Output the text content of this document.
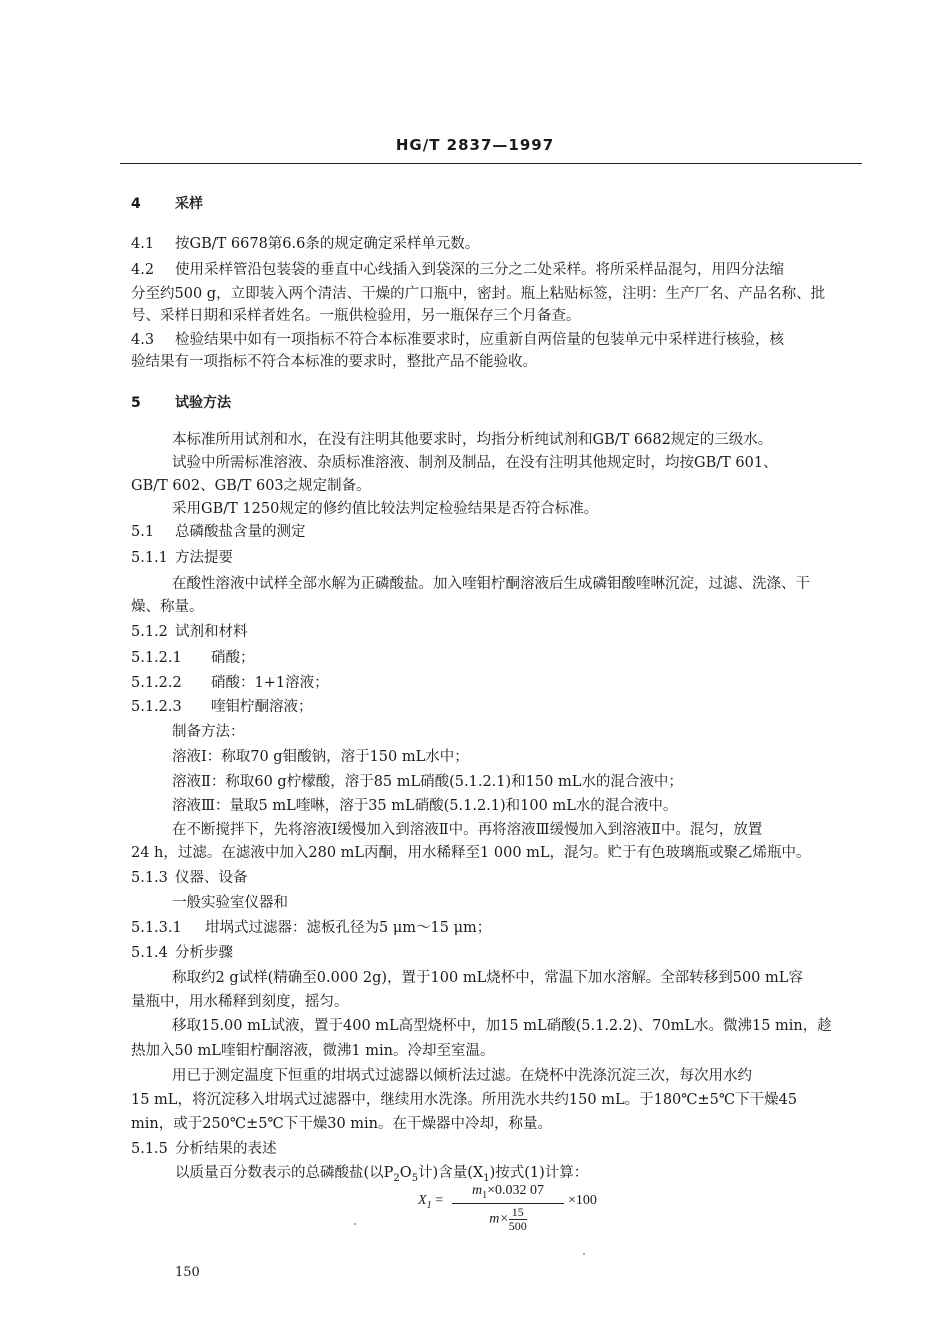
HG/T 2837—1997
4 采样
4.1 按GB/T 6678第6.6条的规定确定采样单元数。
4.2 使用采样管沿包装袋的垂直中心线插入到袋深的三分之二处采样。将所采样品混匀，用四分法缩
分至约500 g，立即装入两个清洁、干燥的广口瓶中，密封。瓶上粘贴标签，注明：生产厂名、产品名称、批
号、采样日期和采样者姓名。一瓶供检验用，另一瓶保存三个月备查。
4.3 检验结果中如有一项指标不符合本标准要求时，应重新自两倍量的包装单元中采样进行核验，核
验结果有一项指标不符合本标准的要求时，整批产品不能验收。
5 试验方法
本标准所用试剂和水，在没有注明其他要求时，均指分析纯试剂和GB/T 6682规定的三级水。
试验中所需标准溶液、杂质标准溶液、制剂及制品，在没有注明其他规定时，均按GB/T 601、
GB/T 602、GB/T 603之规定制备。
采用GB/T 1250规定的修约值比较法判定检验结果是否符合标准。
5.1 总磷酸盐含量的测定
5.1.1 方法提要
在酸性溶液中试样全部水解为正磷酸盐。加入喹钼柠酮溶液后生成磷钼酸喹啉沉淀，过滤、洗涤、干
燥、称量。
5.1.2 试剂和材料
5.1.2.1 硝酸；
5.1.2.2 硝酸：1+1溶液；
5.1.2.3 喹钼柠酮溶液；
制备方法：
溶液Ⅰ：称取70 g钼酸钠，溶于150 mL水中；
溶液Ⅱ：称取60 g柠檬酸，溶于85 mL硝酸(5.1.2.1)和150 mL水的混合液中；
溶液Ⅲ：量取5 mL喹啉，溶于35 mL硝酸(5.1.2.1)和100 mL水的混合液中。
在不断搅拌下，先将溶液Ⅰ缓慢加入到溶液Ⅱ中。再将溶液Ⅲ缓慢加入到溶液Ⅱ中。混匀，放置
24 h，过滤。在滤液中加入280 mL丙酮，用水稀释至1 000 mL，混匀。贮于有色玻璃瓶或聚乙烯瓶中。
5.1.3 仪器、设备
一般实验室仪器和
5.1.3.1 坩埚式过滤器：滤板孔径为5 μm～15 μm；
5.1.4 分析步骤
称取约2 g试样(精确至0.000 2g)，置于100 mL烧杯中，常温下加水溶解。全部转移到500 mL容
量瓶中，用水稀释到刻度，摇匀。
移取15.00 mL试液，置于400 mL高型烧杯中，加15 mL硝酸(5.1.2.2)、70mL水。微沸15 min，趁
热加入50 mL喹钼柠酮溶液，微沸1 min。冷却至室温。
用已于测定温度下恒重的坩埚式过滤器以倾析法过滤。在烧杯中洗涤沉淀三次，每次用水约
15 mL，将沉淀移入坩埚式过滤器中，继续用水洗涤。所用洗水共约150 mL。于180℃±5℃下干燥45
min，或于250℃±5℃下干燥30 min。在干燥器中冷却，称量。
5.1.5 分析结果的表述
以质量百分数表示的总磷酸盐(以$P_2O_5$计)含量$(X_1)$按式(1)计算：
$X_1 = \frac{m_1\times 0.032 07}{m\times \frac{15}{500}} \times 100$
150
